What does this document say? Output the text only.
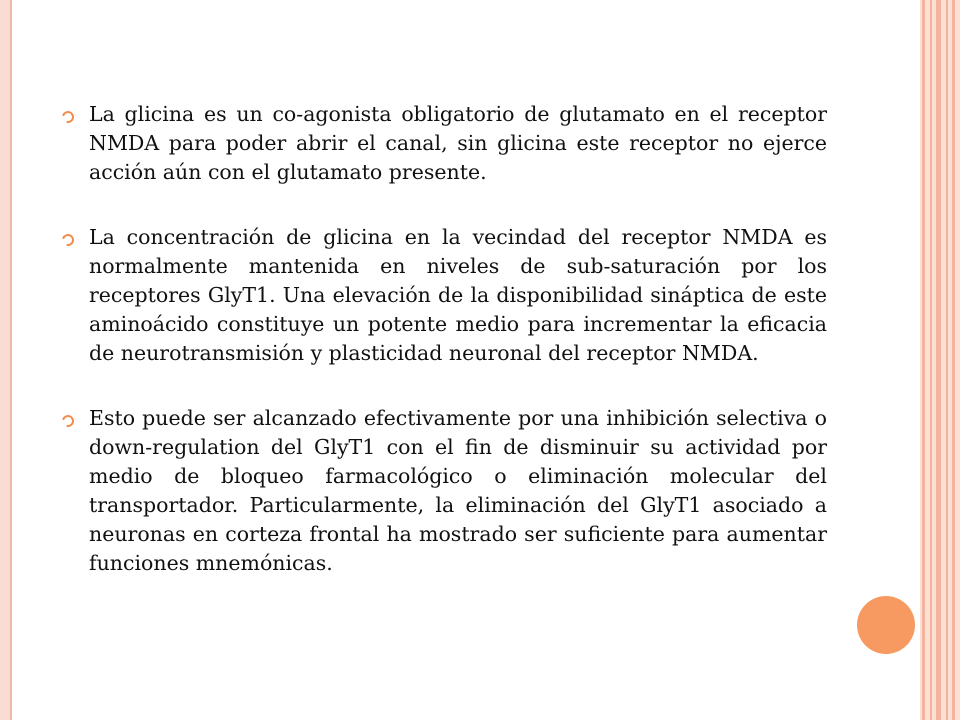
La glicina es un co-agonista obligatorio de glutamato en el receptor NMDA para poder abrir el canal, sin glicina este receptor no ejerce acción aún con el glutamato presente.

La concentración de glicina en la vecindad del receptor NMDA es normalmente mantenida en niveles de sub-saturación por los receptores GlyT1. Una elevación de la disponibilidad sináptica de este aminoácido constituye un potente medio para incrementar la eficacia de neurotransmisión y plasticidad neuronal del receptor NMDA.

Esto puede ser alcanzado efectivamente por una inhibición selectiva o down-regulation del GlyT1 con el fin de disminuir su actividad por medio de bloqueo farmacológico o eliminación molecular del transportador. Particularmente, la eliminación del GlyT1 asociado a neuronas en corteza frontal ha mostrado ser suficiente para aumentar funciones mnemónicas.
